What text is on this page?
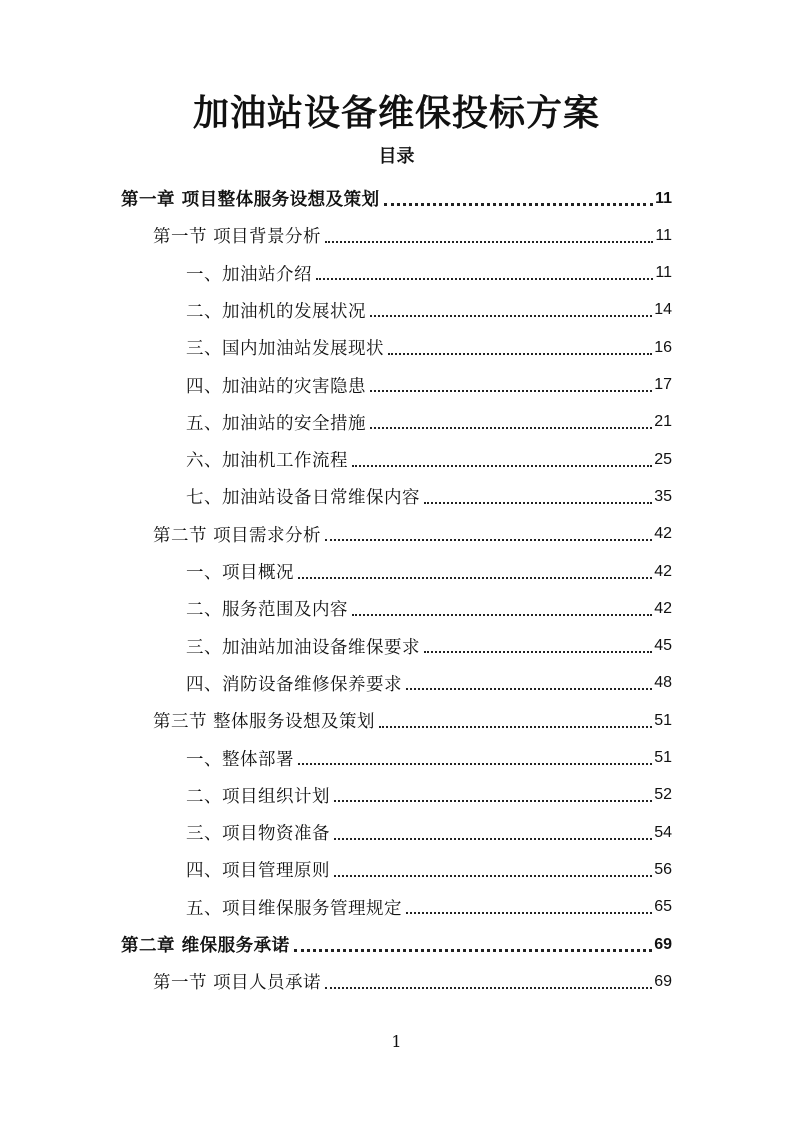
加油站设备维保投标方案
目录
第一章 项目整体服务设想及策划	11
第一节 项目背景分析	11
一、加油站介绍	11
二、加油机的发展状况	14
三、国内加油站发展现状	16
四、加油站的灾害隐患	17
五、加油站的安全措施	21
六、加油机工作流程	25
七、加油站设备日常维保内容	35
第二节 项目需求分析	42
一、项目概况	42
二、服务范围及内容	42
三、加油站加油设备维保要求	45
四、消防设备维修保养要求	48
第三节 整体服务设想及策划	51
一、整体部署	51
二、项目组织计划	52
三、项目物资准备	54
四、项目管理原则	56
五、项目维保服务管理规定	65
第二章 维保服务承诺	69
第一节 项目人员承诺	69
1
